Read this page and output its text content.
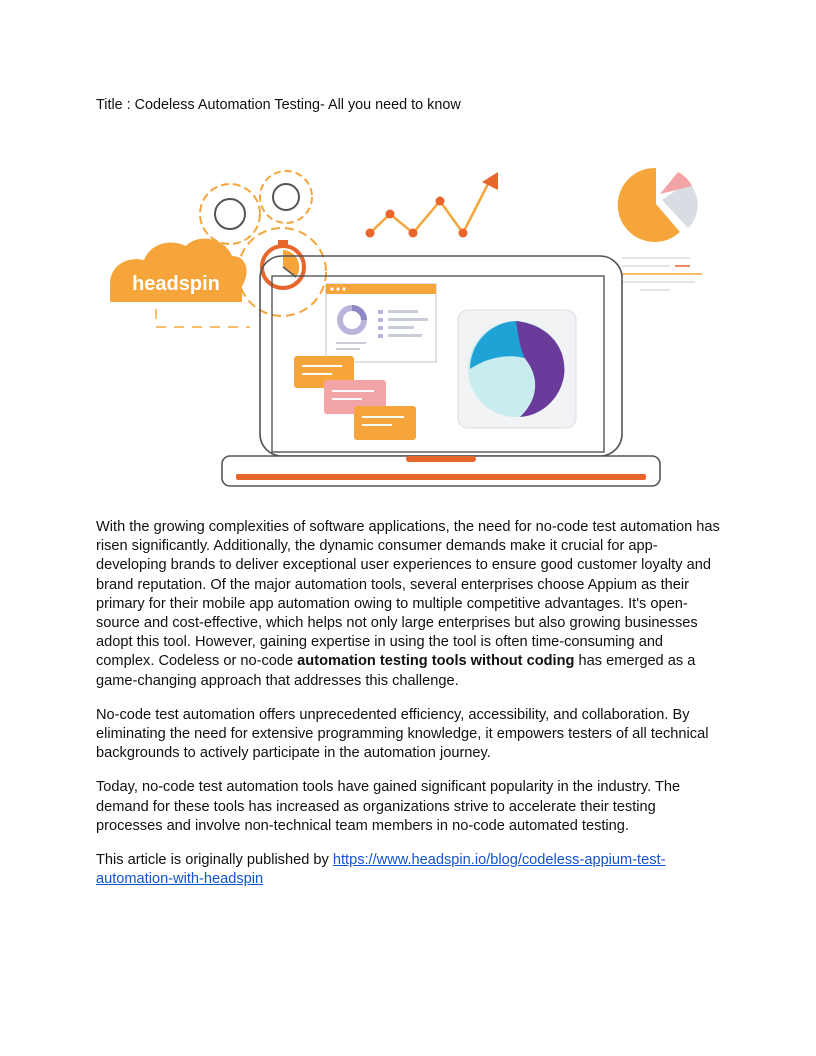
Title : Codeless Automation Testing- All you need to know
headspin

With the growing complexities of software applications, the need for no-code test automation has risen significantly. Additionally, the dynamic consumer demands make it crucial for app-developing brands to deliver exceptional user experiences to ensure good customer loyalty and brand reputation. Of the major automation tools, several enterprises choose Appium as their primary for their mobile app automation owing to multiple competitive advantages. It's open-source and cost-effective, which helps not only large enterprises but also growing businesses adopt this tool. However, gaining expertise in using the tool is often time-consuming and complex. Codeless or no-code automation testing tools without coding has emerged as a game-changing approach that addresses this challenge.

No-code test automation offers unprecedented efficiency, accessibility, and collaboration. By eliminating the need for extensive programming knowledge, it empowers testers of all technical backgrounds to actively participate in the automation journey.

Today, no-code test automation tools have gained significant popularity in the industry. The demand for these tools has increased as organizations strive to accelerate their testing processes and involve non-technical team members in no-code automated testing.

This article is originally published by https://www.headspin.io/blog/codeless-appium-test-automation-with-headspin
